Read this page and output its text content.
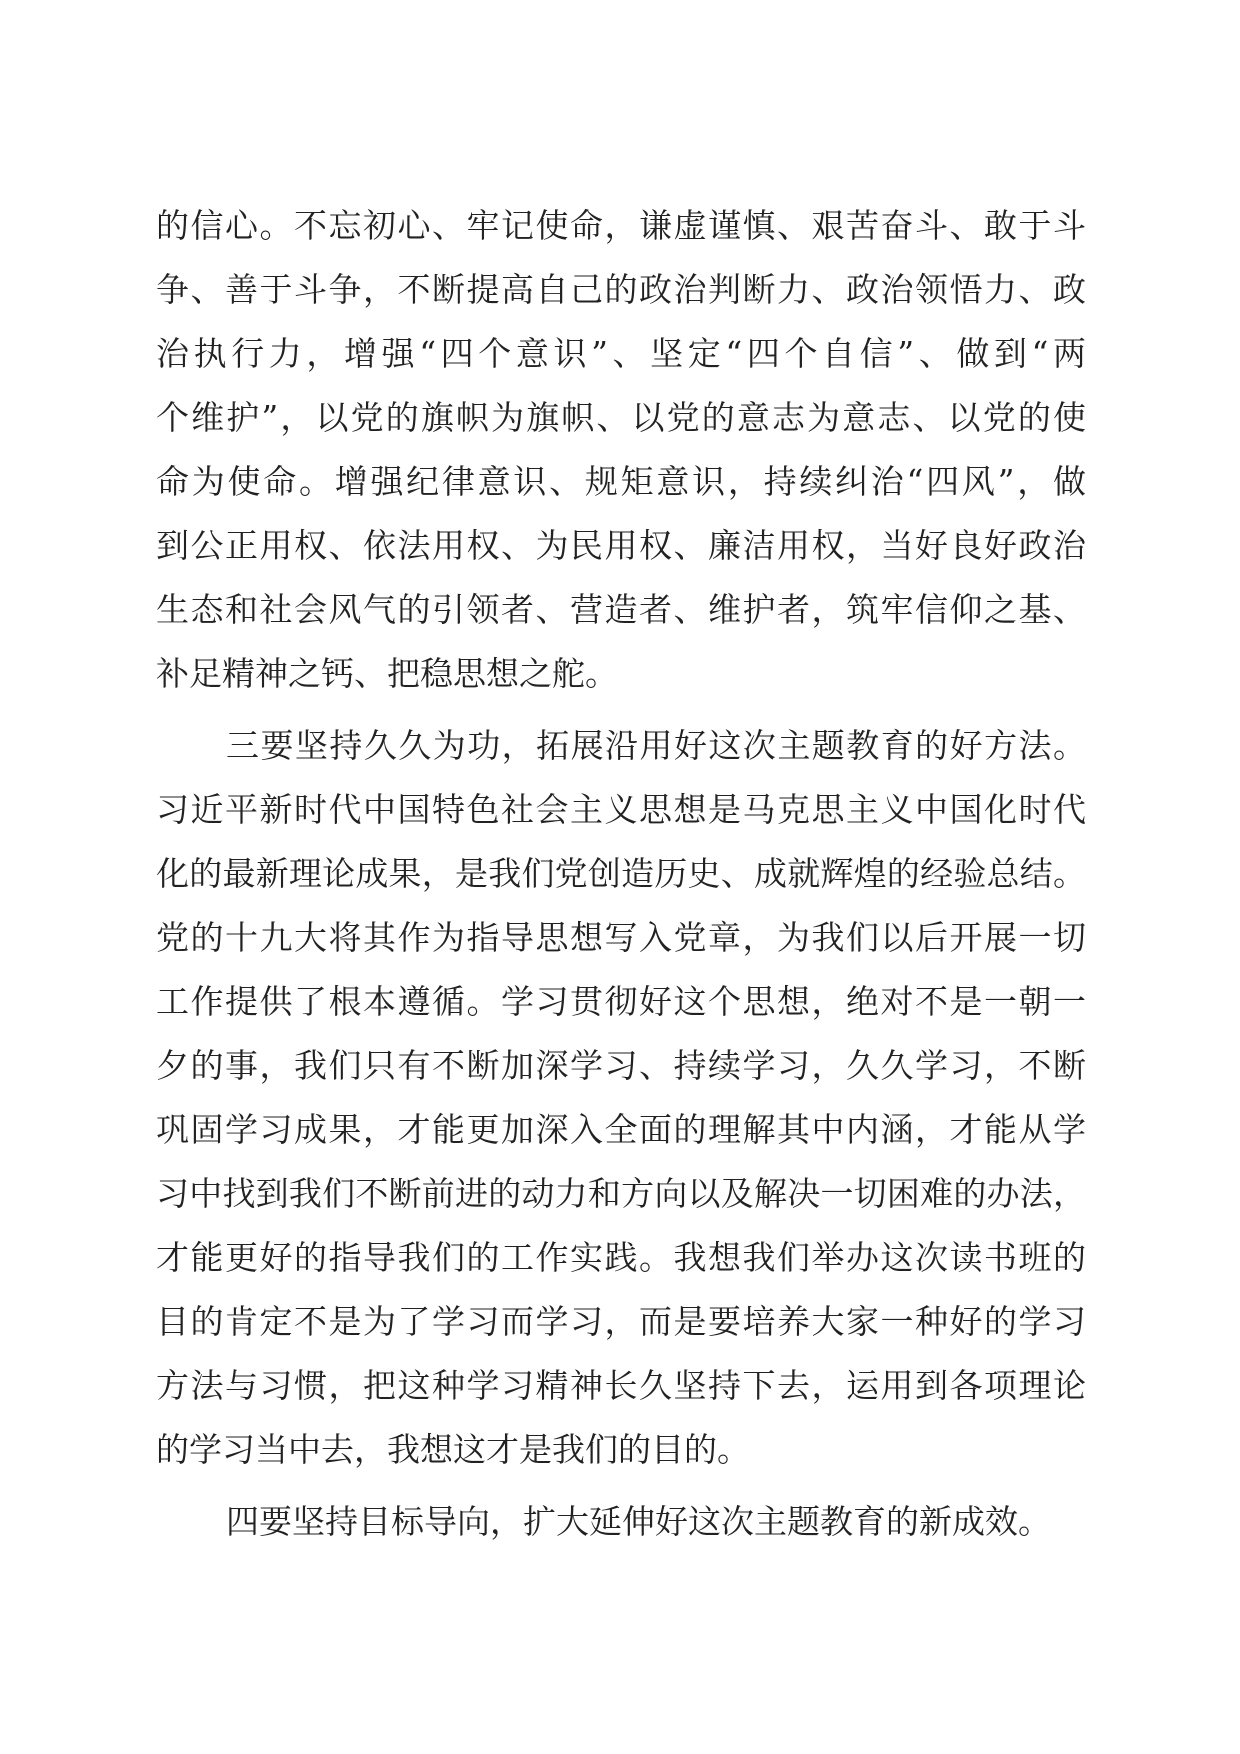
的信心。不忘初心、牢记使命，谦虚谨慎、艰苦奋斗、敢于斗
争、善于斗争，不断提高自己的政治判断力、政治领悟力、政
治执行力，增强“四个意识”、坚定“四个自信”、做到“两
个维护”，以党的旗帜为旗帜、以党的意志为意志、以党的使
命为使命。增强纪律意识、规矩意识，持续纠治“四风”，做
到公正用权、依法用权、为民用权、廉洁用权，当好良好政治
生态和社会风气的引领者、营造者、维护者，筑牢信仰之基、
补足精神之钙、把稳思想之舵。
三要坚持久久为功，拓展沿用好这次主题教育的好方法。
习近平新时代中国特色社会主义思想是马克思主义中国化时代
化的最新理论成果，是我们党创造历史、成就辉煌的经验总结。
党的十九大将其作为指导思想写入党章，为我们以后开展一切
工作提供了根本遵循。学习贯彻好这个思想，绝对不是一朝一
夕的事，我们只有不断加深学习、持续学习，久久学习，不断
巩固学习成果，才能更加深入全面的理解其中内涵，才能从学
习中找到我们不断前进的动力和方向以及解决一切困难的办法，
才能更好的指导我们的工作实践。我想我们举办这次读书班的
目的肯定不是为了学习而学习，而是要培养大家一种好的学习
方法与习惯，把这种学习精神长久坚持下去，运用到各项理论
的学习当中去，我想这才是我们的目的。
四要坚持目标导向，扩大延伸好这次主题教育的新成效。
